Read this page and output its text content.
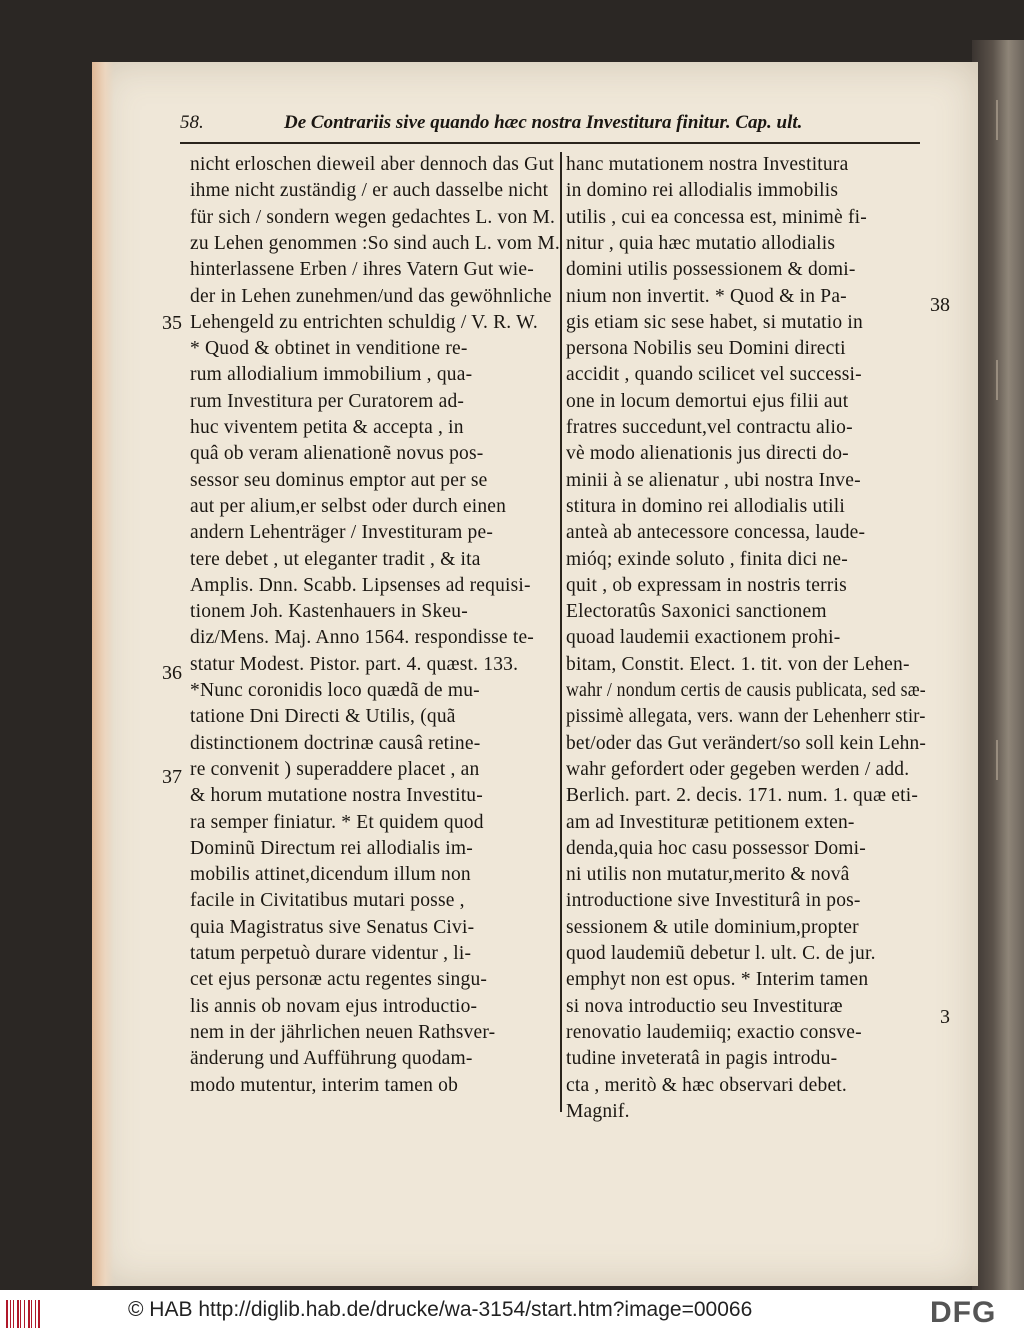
58.	De Contrariis sive quando hæc nostra Investitura finitur. Cap. ult.
nicht erloschen dieweil aber dennoch das Gut
ihme nicht zuständig / er auch dasselbe nicht
für sich / sondern wegen gedachtes L. von M.
zu Lehen genommen :So sind auch L. vom M.
hinterlassene Erben / ihres Vatern Gut wie-
der in Lehen zunehmen/und das gewöhnliche
Lehengeld zu entrichten schuldig / V. R. W.
* Quod & obtinet in venditione re-
rum allodialium immobilium , qua-
rum Investitura per Curatorem ad-
huc viventem petita & accepta , in
quâ ob veram alienationẽ novus pos-
sessor seu dominus emptor aut per se
aut per alium,er selbst oder durch einen
andern Lehenträger / Investituram pe-
tere debet , ut eleganter tradit , & ita
Amplis. Dnn. Scabb. Lipsenses ad requisi-
tionem Joh. Kastenhauers in Skeu-
diz/Mens. Maj. Anno 1564. respondisse te-
statur Modest. Pistor. part. 4. quæst. 133.
*Nunc coronidis loco quædã de mu-
tatione Dni Directi & Utilis, (quã
distinctionem doctrinæ causâ retine-
re convenit ) superaddere placet , an
& horum mutatione nostra Investitu-
ra semper finiatur. * Et quidem quod
Dominũ Directum rei allodialis im-
mobilis attinet,dicendum illum non
facile in Civitatibus mutari posse ,
quia Magistratus sive Senatus Civi-
tatum perpetuò durare videntur , li-
cet ejus personæ actu regentes singu-
lis annis ob novam ejus introductio-
nem in der jährlichen neuen Rathsver-
änderung und Aufführung quodam-
modo mutentur, interim tamen ob
hanc mutationem nostra Investitura
in domino rei allodialis immobilis
utilis , cui ea concessa est, minimè fi-
nitur , quia hæc mutatio allodialis
domini utilis possessionem & domi-
nium non invertit. * Quod & in Pa-
gis etiam sic sese habet, si mutatio in
persona Nobilis seu Domini directi
accidit , quando scilicet vel successi-
one in locum demortui ejus filii aut
fratres succedunt,vel contractu alio-
vè modo alienationis jus directi do-
minii à se alienatur , ubi nostra Inve-
stitura in domino rei allodialis utili
anteà ab antecessore concessa, laude-
mióq; exinde soluto , finita dici ne-
quit , ob expressam in nostris terris
Electoratûs Saxonici sanctionem
quoad laudemii exactionem prohi-
bitam, Constit. Elect. 1. tit. von der Lehen-
wahr / nondum certis de causis publicata, sed sæ-
pissimè allegata, vers. wann der Lehenherr stir-
bet/oder das Gut verändert/so soll kein Lehn-
wahr gefordert oder gegeben werden / add.
Berlich. part. 2. decis. 171. num. 1. quæ eti-
am ad Investituræ petitionem exten-
denda,quia hoc casu possessor Domi-
ni utilis non mutatur,merito & novâ
introductione sive Investiturâ in pos-
sessionem & utile dominium,propter
quod laudemiũ debetur l. ult. C. de jur.
emphyt non est opus. * Interim tamen
si nova introductio seu Investituræ
renovatio laudemiiq; exactio consve-
tudine inveteratâ in pagis introdu-
cta , meritò & hæc observari debet.
Magnif.
35
36
37
38
3
© HAB http://diglib.hab.de/drucke/wa-3154/start.htm?image=00066	DFG
